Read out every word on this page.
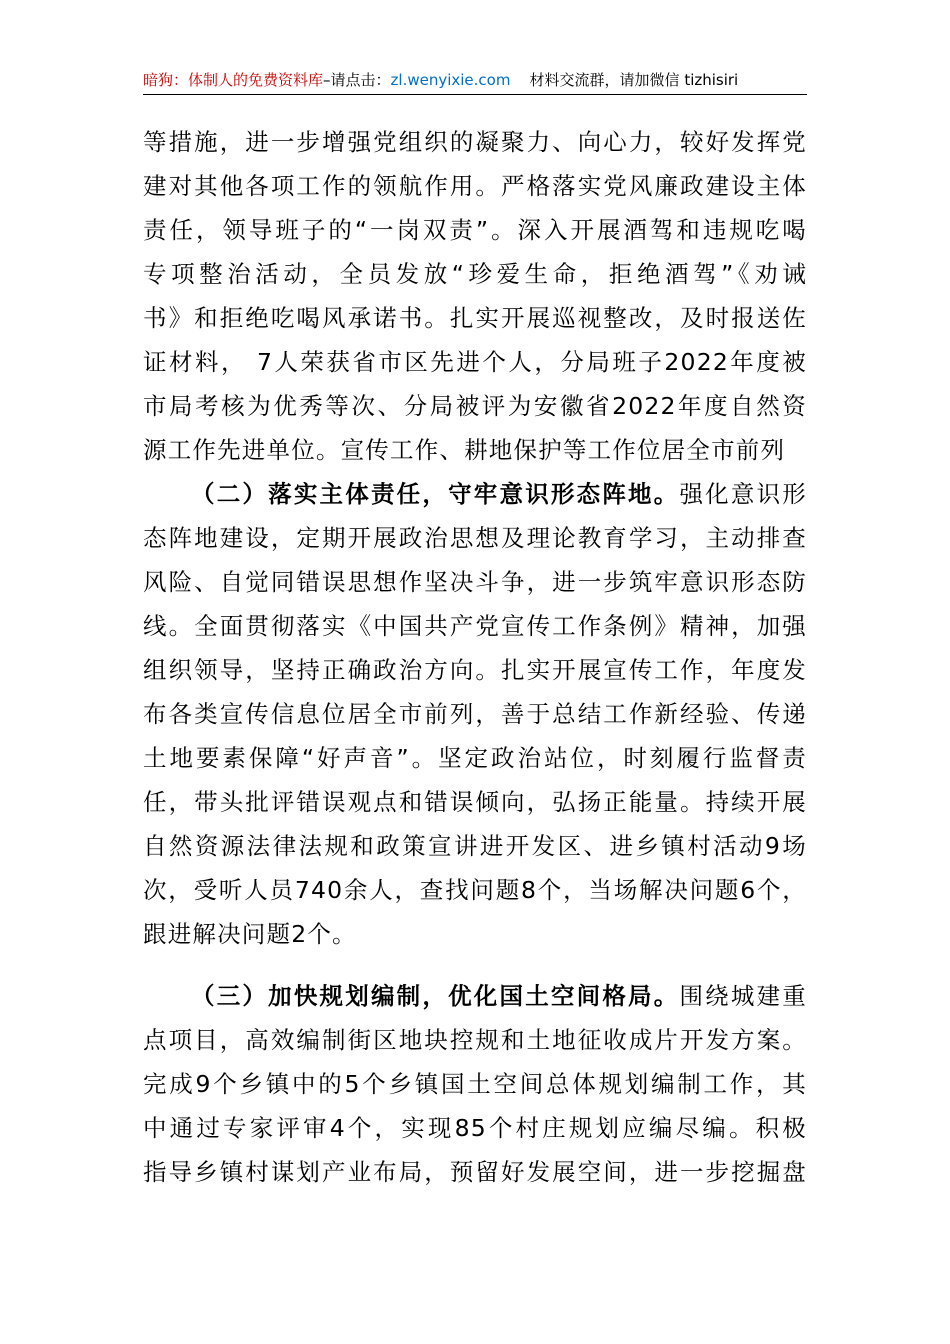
暗狗：体制人的免费资料库–请点击：zl.wenyixie.com 材料交流群，请加微信 tizhisiri
等措施，进一步增强党组织的凝聚力、向心力，较好发挥党
建对其他各项工作的领航作用。严格落实党风廉政建设主体
责任，领导班子的“一岗双责”。深入开展酒驾和违规吃喝
专项整治活动，全员发放“珍爱生命，拒绝酒驾”《劝诫
书》和拒绝吃喝风承诺书。扎实开展巡视整改，及时报送佐
证材料， 7人荣获省市区先进个人，分局班子2022年度被
市局考核为优秀等次、分局被评为安徽省2022年度自然资
源工作先进单位。宣传工作、耕地保护等工作位居全市前列
（二）落实主体责任，守牢意识形态阵地。强化意识形
态阵地建设，定期开展政治思想及理论教育学习，主动排查
风险、自觉同错误思想作坚决斗争，进一步筑牢意识形态防
线。全面贯彻落实《中国共产党宣传工作条例》精神，加强
组织领导，坚持正确政治方向。扎实开展宣传工作，年度发
布各类宣传信息位居全市前列，善于总结工作新经验、传递
土地要素保障“好声音”。坚定政治站位，时刻履行监督责
任，带头批评错误观点和错误倾向，弘扬正能量。持续开展
自然资源法律法规和政策宣讲进开发区、进乡镇村活动9场
次，受听人员740余人，查找问题8个，当场解决问题6个，
跟进解决问题2个。
（三）加快规划编制，优化国土空间格局。围绕城建重
点项目，高效编制街区地块控规和土地征收成片开发方案。
完成9个乡镇中的5个乡镇国土空间总体规划编制工作，其
中通过专家评审4个，实现85个村庄规划应编尽编。积极
指导乡镇村谋划产业布局，预留好发展空间，进一步挖掘盘
